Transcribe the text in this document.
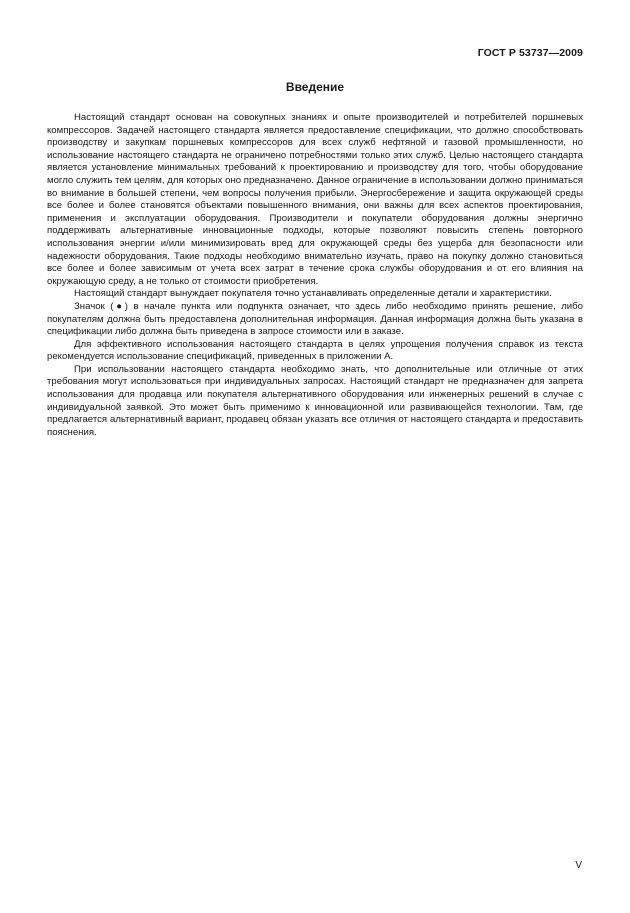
ГОСТ Р 53737—2009
Введение

Настоящий стандарт основан на совокупных знаниях и опыте производителей и потребителей поршневых компрессоров. Задачей настоящего стандарта является предоставление спецификации, что должно способствовать производству и закупкам поршневых компрессоров для всех служб нефтяной и газовой промышленности, но использование настоящего стандарта не ограничено потребностями только этих служб. Целью настоящего стандарта является установление минимальных требований к проектированию и производству для того, чтобы оборудование могло служить тем целям, для которых оно предназначено. Данное ограничение в использовании должно приниматься во внимание в большей степени, чем вопросы получения прибыли. Энергосбережение и защита окружающей среды все более и более становятся объектами повышенного внимания, они важны для всех аспектов проектирования, применения и эксплуатации оборудования. Производители и покупатели оборудования должны энергично поддерживать альтернативные инновационные подходы, которые позволяют повысить степень повторного использования энергии и/или минимизировать вред для окружающей среды без ущерба для безопасности или надежности оборудования. Такие подходы необходимо внимательно изучать, право на покупку должно становиться все более и более зависимым от учета всех затрат в течение срока службы оборудования и от его влияния на окружающую среду, а не только от стоимости приобретения.

Настоящий стандарт вынуждает покупателя точно устанавливать определенные детали и характеристики.

Значок (●) в начале пункта или подпункта означает, что здесь либо необходимо принять решение, либо покупателям должна быть предоставлена дополнительная информация. Данная информация должна быть указана в спецификации либо должна быть приведена в запросе стоимости или в заказе.

Для эффективного использования настоящего стандарта в целях упрощения получения справок из текста рекомендуется использование спецификаций, приведенных в приложении А.

При использовании настоящего стандарта необходимо знать, что дополнительные или отличные от этих требования могут использоваться при индивидуальных запросах. Настоящий стандарт не предназначен для запрета использования для продавца или покупателя альтернативного оборудования или инженерных решений в случае с индивидуальной заявкой. Это может быть применимо к инновационной или развивающейся технологии. Там, где предлагается альтернативный вариант, продавец обязан указать все отличия от настоящего стандарта и предоставить пояснения.

V
